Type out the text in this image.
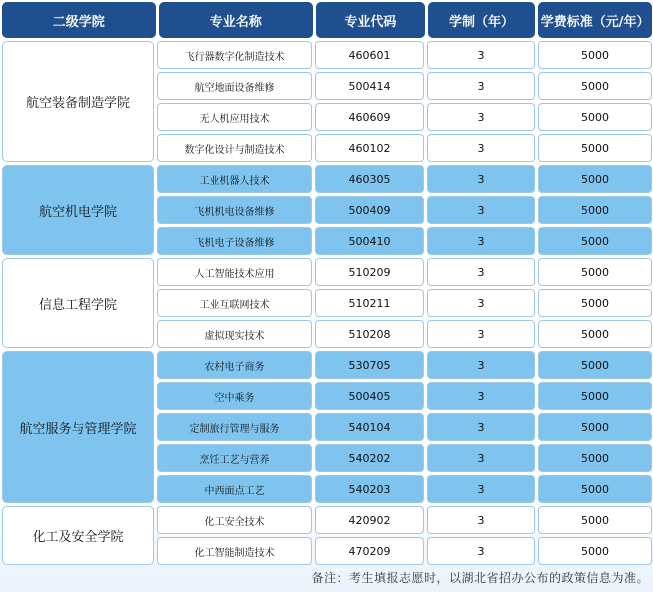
二级学院	专业名称	专业代码	学制（年）	学费标准（元/年）
航空装备制造学院
飞行器数字化制造技术	460601	3	5000
航空地面设备维修	500414	3	5000
无人机应用技术	460609	3	5000
数字化设计与制造技术	460102	3	5000
航空机电学院
工业机器人技术	460305	3	5000
飞机机电设备维修	500409	3	5000
飞机电子设备维修	500410	3	5000
信息工程学院
人工智能技术应用	510209	3	5000
工业互联网技术	510211	3	5000
虚拟现实技术	510208	3	5000
航空服务与管理学院
农村电子商务	530705	3	5000
空中乘务	500405	3	5000
定制旅行管理与服务	540104	3	5000
烹饪工艺与营养	540202	3	5000
中西面点工艺	540203	3	5000
化工及安全学院
化工安全技术	420902	3	5000
化工智能制造技术	470209	3	5000
备注：考生填报志愿时，以湖北省招办公布的政策信息为准。
